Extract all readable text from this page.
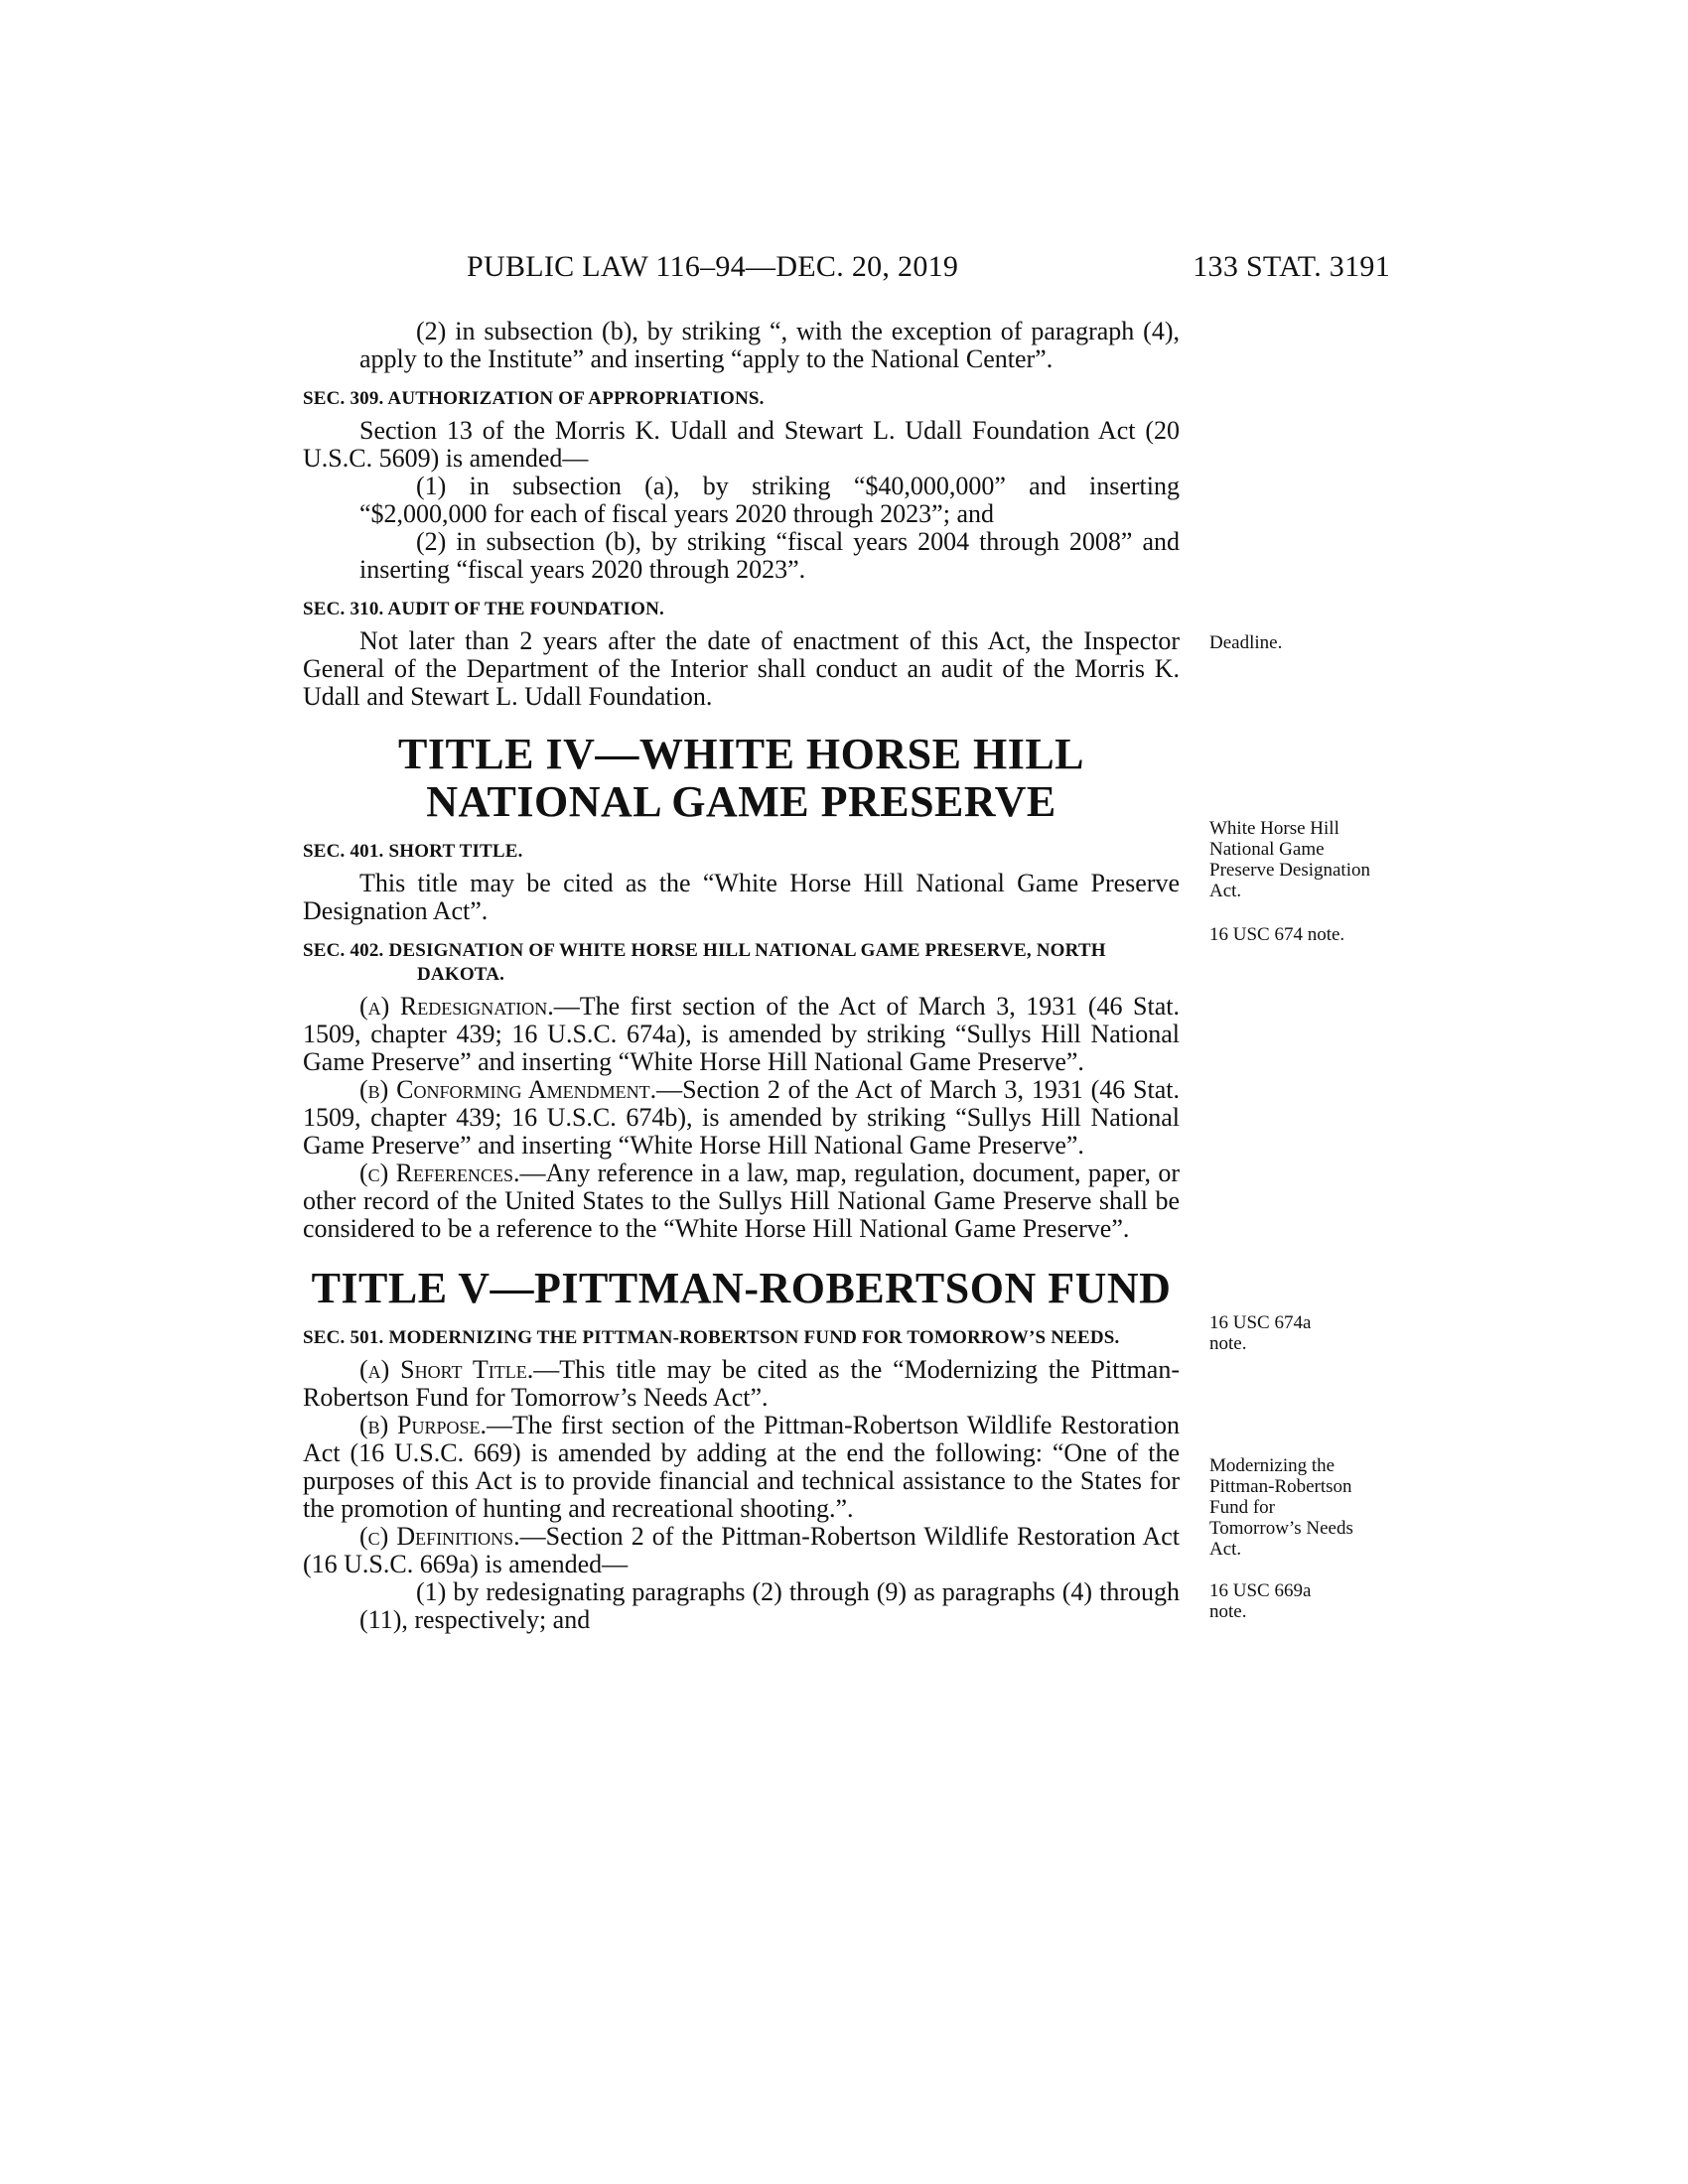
PUBLIC LAW 116–94—DEC. 20, 2019	133 STAT. 3191

(2) in subsection (b), by striking “, with the exception of paragraph (4), apply to the Institute” and inserting “apply to the National Center”.

SEC. 309. AUTHORIZATION OF APPROPRIATIONS.

Section 13 of the Morris K. Udall and Stewart L. Udall Foundation Act (20 U.S.C. 5609) is amended—

(1) in subsection (a), by striking “$40,000,000” and inserting “$2,000,000 for each of fiscal years 2020 through 2023”; and

(2) in subsection (b), by striking “fiscal years 2004 through 2008” and inserting “fiscal years 2020 through 2023”.

SEC. 310. AUDIT OF THE FOUNDATION.

Not later than 2 years after the date of enactment of this Act, the Inspector General of the Department of the Interior shall conduct an audit of the Morris K. Udall and Stewart L. Udall Foundation.

TITLE IV—WHITE HORSE HILL
NATIONAL GAME PRESERVE
SEC. 401. SHORT TITLE.

This title may be cited as the “White Horse Hill National Game Preserve Designation Act”.

SEC. 402. DESIGNATION OF WHITE HORSE HILL NATIONAL GAME PRESERVE, NORTH DAKOTA.

(a) Redesignation.—The first section of the Act of March 3, 1931 (46 Stat. 1509, chapter 439; 16 U.S.C. 674a), is amended by striking “Sullys Hill National Game Preserve” and inserting “White Horse Hill National Game Preserve”.

(b) Conforming Amendment.—Section 2 of the Act of March 3, 1931 (46 Stat. 1509, chapter 439; 16 U.S.C. 674b), is amended by striking “Sullys Hill National Game Preserve” and inserting “White Horse Hill National Game Preserve”.

(c) References.—Any reference in a law, map, regulation, document, paper, or other record of the United States to the Sullys Hill National Game Preserve shall be considered to be a reference to the “White Horse Hill National Game Preserve”.

TITLE V—PITTMAN-ROBERTSON FUND
SEC. 501. MODERNIZING THE PITTMAN-ROBERTSON FUND FOR TOMORROW’S NEEDS.

(a) Short Title.—This title may be cited as the “Modernizing the Pittman-Robertson Fund for Tomorrow’s Needs Act”.

(b) Purpose.—The first section of the Pittman-Robertson Wildlife Restoration Act (16 U.S.C. 669) is amended by adding at the end the following: “One of the purposes of this Act is to provide financial and technical assistance to the States for the promotion of hunting and recreational shooting.”.

(c) Definitions.—Section 2 of the Pittman-Robertson Wildlife Restoration Act (16 U.S.C. 669a) is amended—

(1) by redesignating paragraphs (2) through (9) as paragraphs (4) through (11), respectively; and

Deadline.
White Horse Hill National Game Preserve Designation Act.
16 USC 674 note.
16 USC 674a note.
Modernizing the Pittman-Robertson Fund for Tomorrow’s Needs Act.
16 USC 669a note.
